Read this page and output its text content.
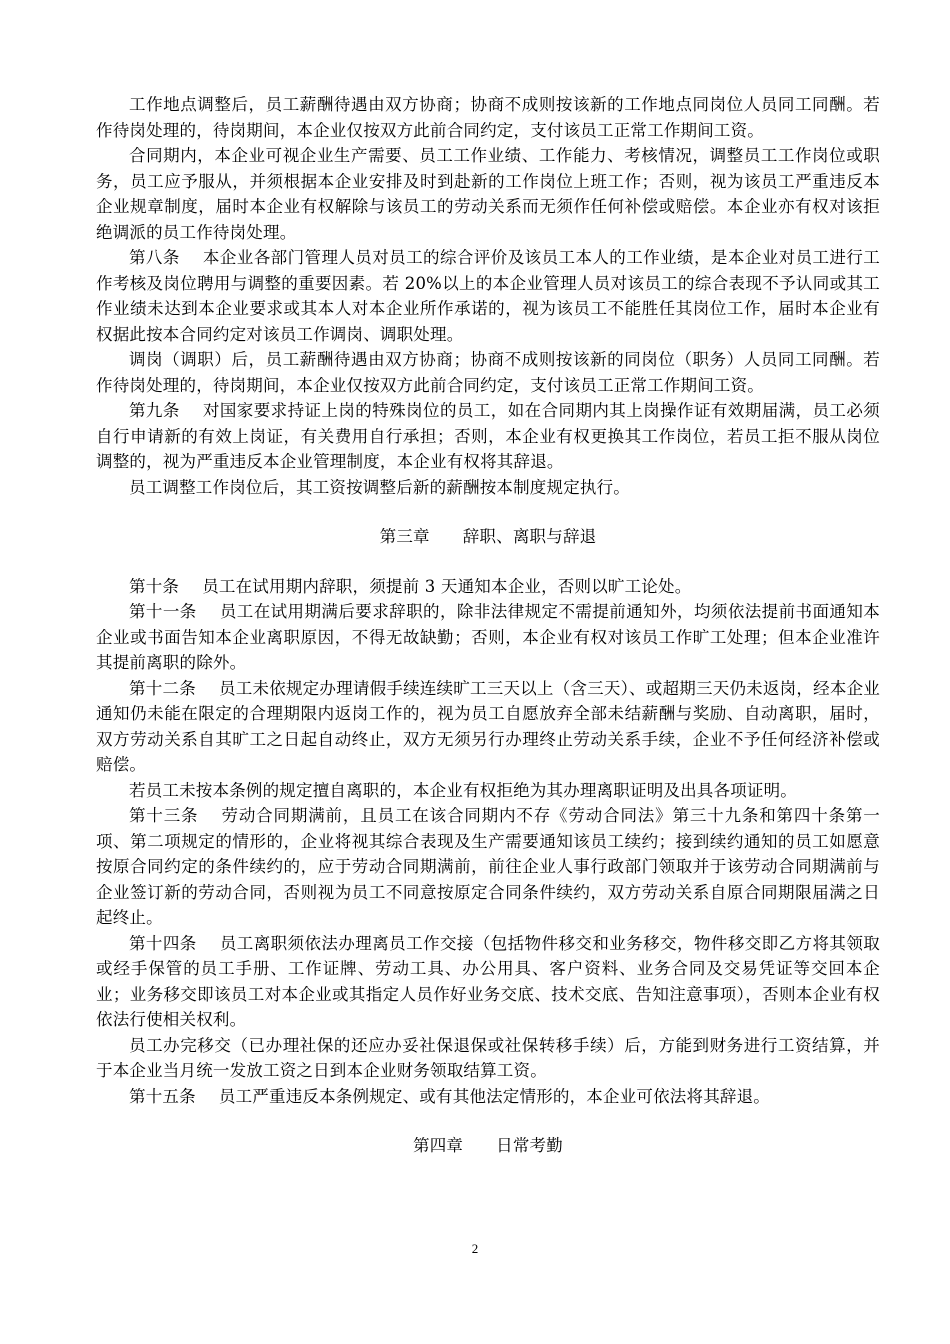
工作地点调整后，员工薪酬待遇由双方协商；协商不成则按该新的工作地点同岗位人员同工同酬。若作待岗处理的，待岗期间，本企业仅按双方此前合同约定，支付该员工正常工作期间工资。

合同期内，本企业可视企业生产需要、员工工作业绩、工作能力、考核情况，调整员工工作岗位或职务，员工应予服从，并须根据本企业安排及时到赴新的工作岗位上班工作；否则，视为该员工严重违反本企业规章制度，届时本企业有权解除与该员工的劳动关系而无须作任何补偿或赔偿。本企业亦有权对该拒绝调派的员工作待岗处理。

第八条 本企业各部门管理人员对员工的综合评价及该员工本人的工作业绩，是本企业对员工进行工作考核及岗位聘用与调整的重要因素。若 20%以上的本企业管理人员对该员工的综合表现不予认同或其工作业绩未达到本企业要求或其本人对本企业所作承诺的，视为该员工不能胜任其岗位工作，届时本企业有权据此按本合同约定对该员工作调岗、调职处理。

调岗（调职）后，员工薪酬待遇由双方协商；协商不成则按该新的同岗位（职务）人员同工同酬。若作待岗处理的，待岗期间，本企业仅按双方此前合同约定，支付该员工正常工作期间工资。

第九条 对国家要求持证上岗的特殊岗位的员工，如在合同期内其上岗操作证有效期届满，员工必须自行申请新的有效上岗证，有关费用自行承担；否则，本企业有权更换其工作岗位，若员工拒不服从岗位调整的，视为严重违反本企业管理制度，本企业有权将其辞退。

员工调整工作岗位后，其工资按调整后新的薪酬按本制度规定执行。

第三章 辞职、离职与辞退

第十条 员工在试用期内辞职，须提前 3 天通知本企业，否则以旷工论处。

第十一条 员工在试用期满后要求辞职的，除非法律规定不需提前通知外，均须依法提前书面通知本企业或书面告知本企业离职原因，不得无故缺勤；否则，本企业有权对该员工作旷工处理；但本企业准许其提前离职的除外。

第十二条 员工未依规定办理请假手续连续旷工三天以上（含三天）、或超期三天仍未返岗，经本企业通知仍未能在限定的合理期限内返岗工作的，视为员工自愿放弃全部未结薪酬与奖励、自动离职，届时，双方劳动关系自其旷工之日起自动终止，双方无须另行办理终止劳动关系手续，企业不予任何经济补偿或赔偿。

若员工未按本条例的规定擅自离职的，本企业有权拒绝为其办理离职证明及出具各项证明。

第十三条 劳动合同期满前，且员工在该合同期内不存《劳动合同法》第三十九条和第四十条第一项、第二项规定的情形的，企业将视其综合表现及生产需要通知该员工续约；接到续约通知的员工如愿意按原合同约定的条件续约的，应于劳动合同期满前，前往企业人事行政部门领取并于该劳动合同期满前与企业签订新的劳动合同，否则视为员工不同意按原定合同条件续约，双方劳动关系自原合同期限届满之日起终止。

第十四条 员工离职须依法办理离员工作交接（包括物件移交和业务移交，物件移交即乙方将其领取或经手保管的员工手册、工作证牌、劳动工具、办公用具、客户资料、业务合同及交易凭证等交回本企业；业务移交即该员工对本企业或其指定人员作好业务交底、技术交底、告知注意事项），否则本企业有权依法行使相关权利。

员工办完移交（已办理社保的还应办妥社保退保或社保转移手续）后，方能到财务进行工资结算，并于本企业当月统一发放工资之日到本企业财务领取结算工资。

第十五条 员工严重违反本条例规定、或有其他法定情形的，本企业可依法将其辞退。

第四章 日常考勤
2
